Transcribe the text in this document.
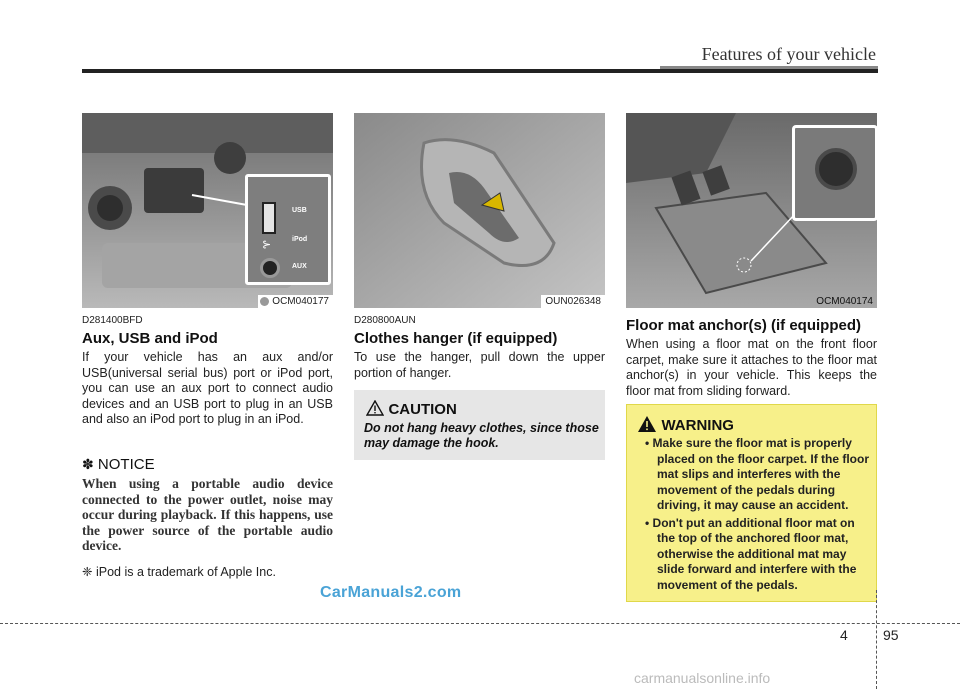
Features of your vehicle
⊱
USB
iPod
AUX
OCM040177
D281400BFD
Aux, USB and iPod
If your vehicle has an aux and/or USB(universal serial bus) port or iPod port, you can use an aux port to connect audio devices and an USB port to plug in an USB and also an iPod port to plug in an iPod.
✽ NOTICE
When using a portable audio device connected to the power outlet, noise may occur during playback. If this happens, use the power source of the portable audio device.
❈ iPod is a trademark of Apple Inc.
OUN026348
D280800AUN
Clothes hanger (if equipped)
To use the hanger, pull down the upper portion of hanger.
CAUTION
Do not hang heavy clothes, since those may damage the hook.
OCM040174
Floor mat anchor(s) (if equipped)
When using a floor mat on the front floor carpet, make sure it attaches to the floor mat anchor(s) in your vehicle. This keeps the floor mat from sliding forward.
WARNING
• Make sure the floor mat is properly placed on the floor carpet. If the floor mat slips and interferes with the movement of the pedals during driving, it may cause an accident.
• Don't put an additional floor mat on the top of the anchored floor mat, otherwise the additional mat may slide forward and interfere with the movement of the pedals.
CarManuals2.com
4	95
carmanualsonline.info
